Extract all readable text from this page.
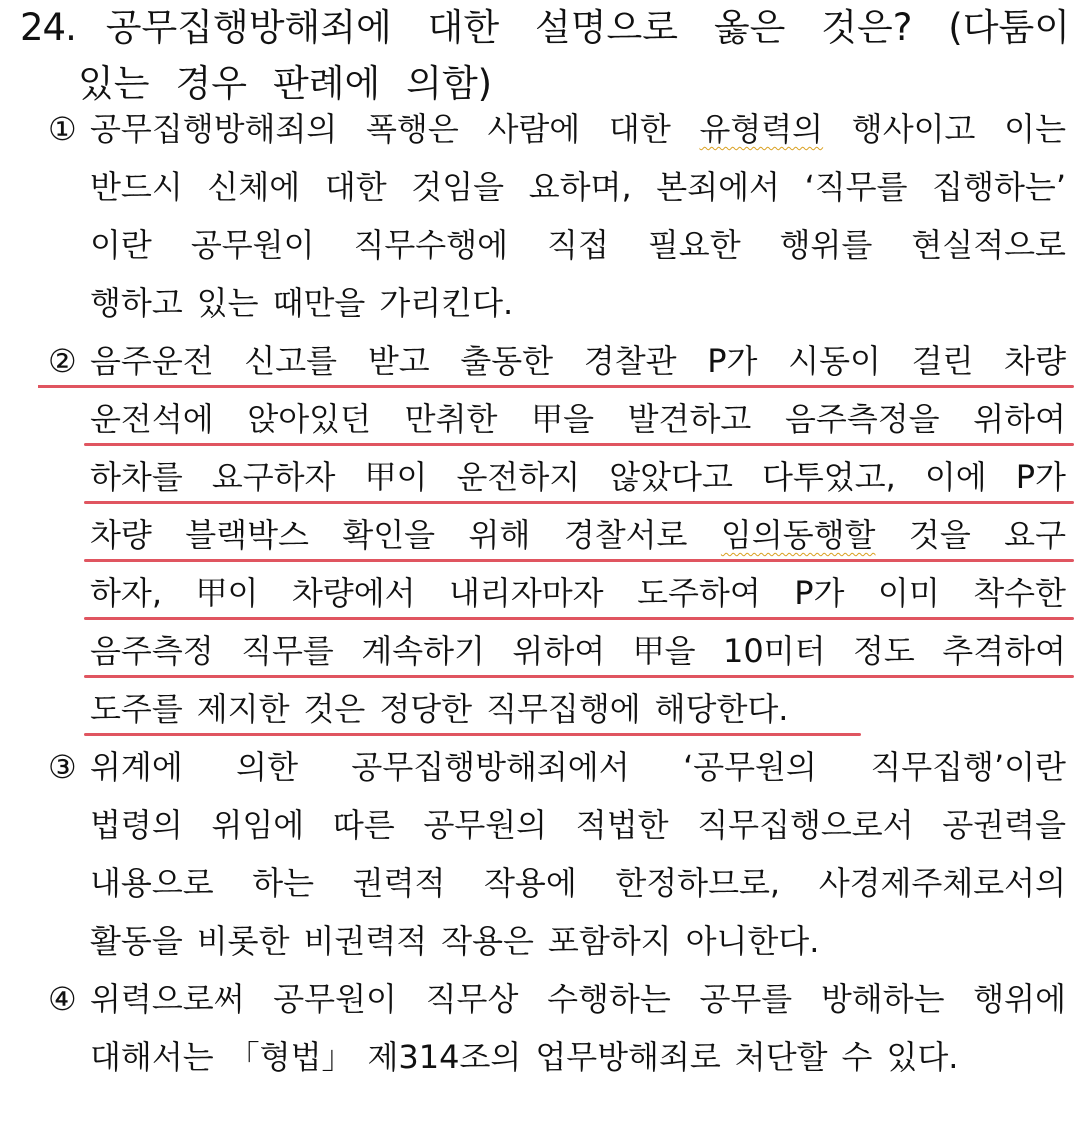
24. 공무집행방해죄에 대한 설명으로 옳은 것은? (다툼이
있는 경우 판례에 의함)
① 공무집행방해죄의 폭행은 사람에 대한 유형력의 행사이고 이는
반드시 신체에 대한 것임을 요하며, 본죄에서 ‘직무를 집행하는’
이란 공무원이 직무수행에 직접 필요한 행위를 현실적으로
행하고 있는 때만을 가리킨다.
② 음주운전 신고를 받고 출동한 경찰관 P가 시동이 걸린 차량
운전석에 앉아있던 만취한 甲을 발견하고 음주측정을 위하여
하차를 요구하자 甲이 운전하지 않았다고 다투었고, 이에 P가
차량 블랙박스 확인을 위해 경찰서로 임의동행할 것을 요구
하자, 甲이 차량에서 내리자마자 도주하여 P가 이미 착수한
음주측정 직무를 계속하기 위하여 甲을 10미터 정도 추격하여
도주를 제지한 것은 정당한 직무집행에 해당한다.
③ 위계에 의한 공무집행방해죄에서 ‘공무원의 직무집행’이란
법령의 위임에 따른 공무원의 적법한 직무집행으로서 공권력을
내용으로 하는 권력적 작용에 한정하므로, 사경제주체로서의
활동을 비롯한 비권력적 작용은 포함하지 아니한다.
④ 위력으로써 공무원이 직무상 수행하는 공무를 방해하는 행위에
대해서는 「형법」 제314조의 업무방해죄로 처단할 수 있다.
